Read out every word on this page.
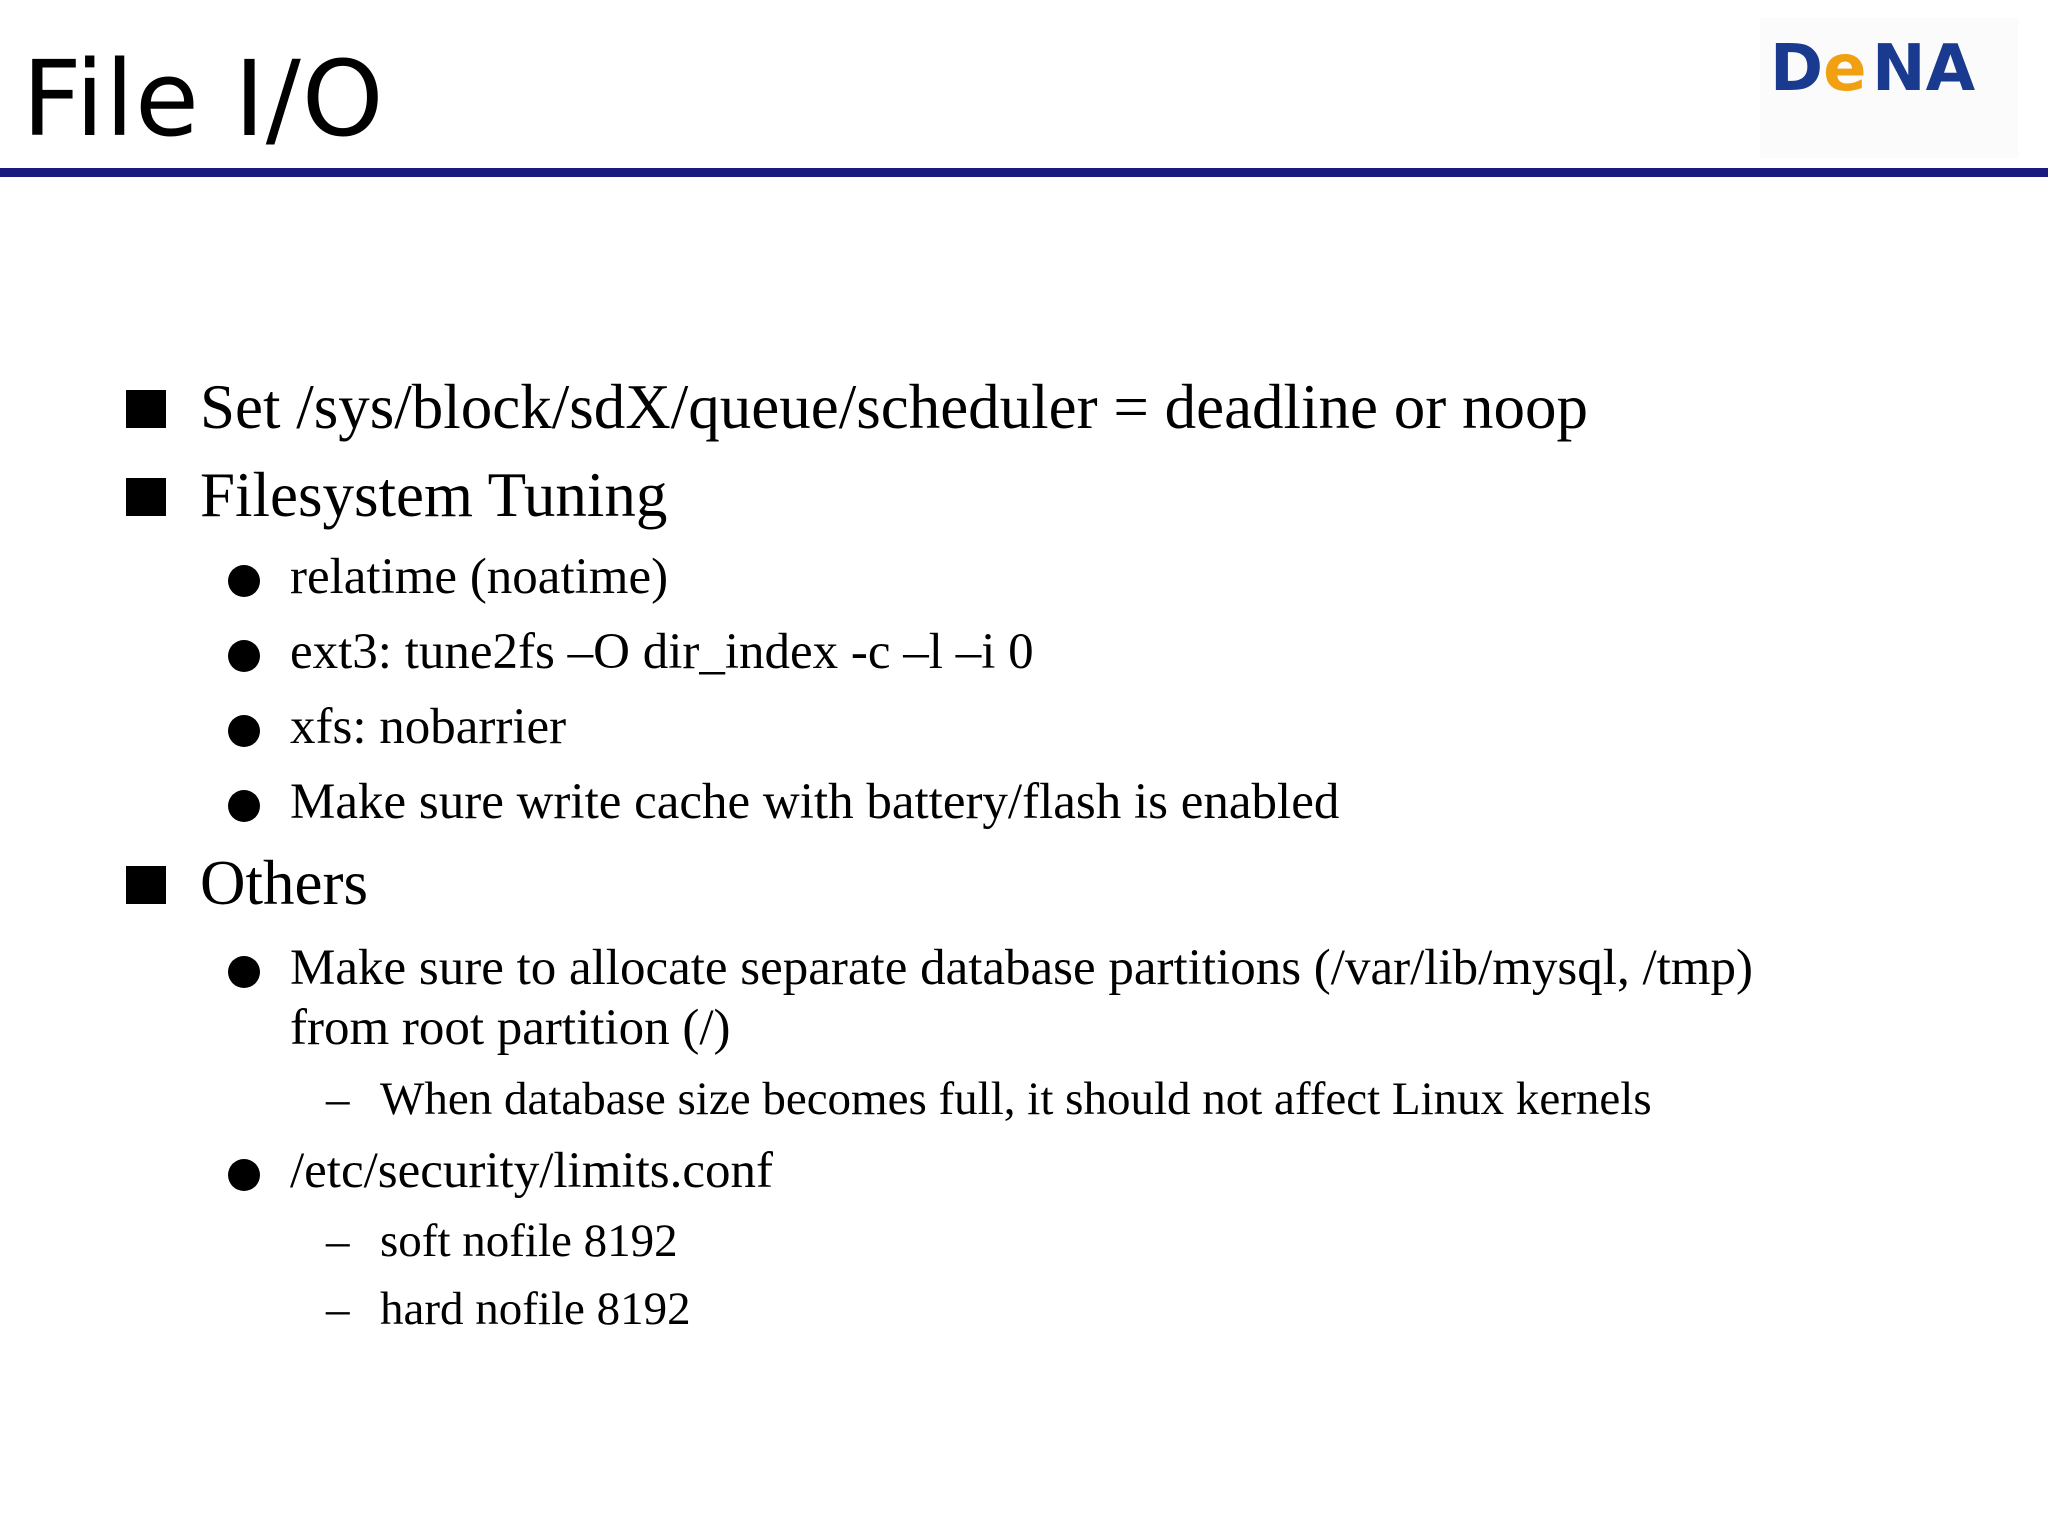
File I/O	De NA
Set /sys/block/sdX/queue/scheduler = deadline or noop
Filesystem Tuning
relatime (noatime)
ext3: tune2fs –O dir_index -c –l –i 0
xfs: nobarrier
Make sure write cache with battery/flash is enabled
Others
Make sure to allocate separate database partitions (/var/lib/mysql, /tmp)
from root partition (/)
– When database size becomes full, it should not affect Linux kernels
/etc/security/limits.conf
– soft nofile 8192
– hard nofile 8192
